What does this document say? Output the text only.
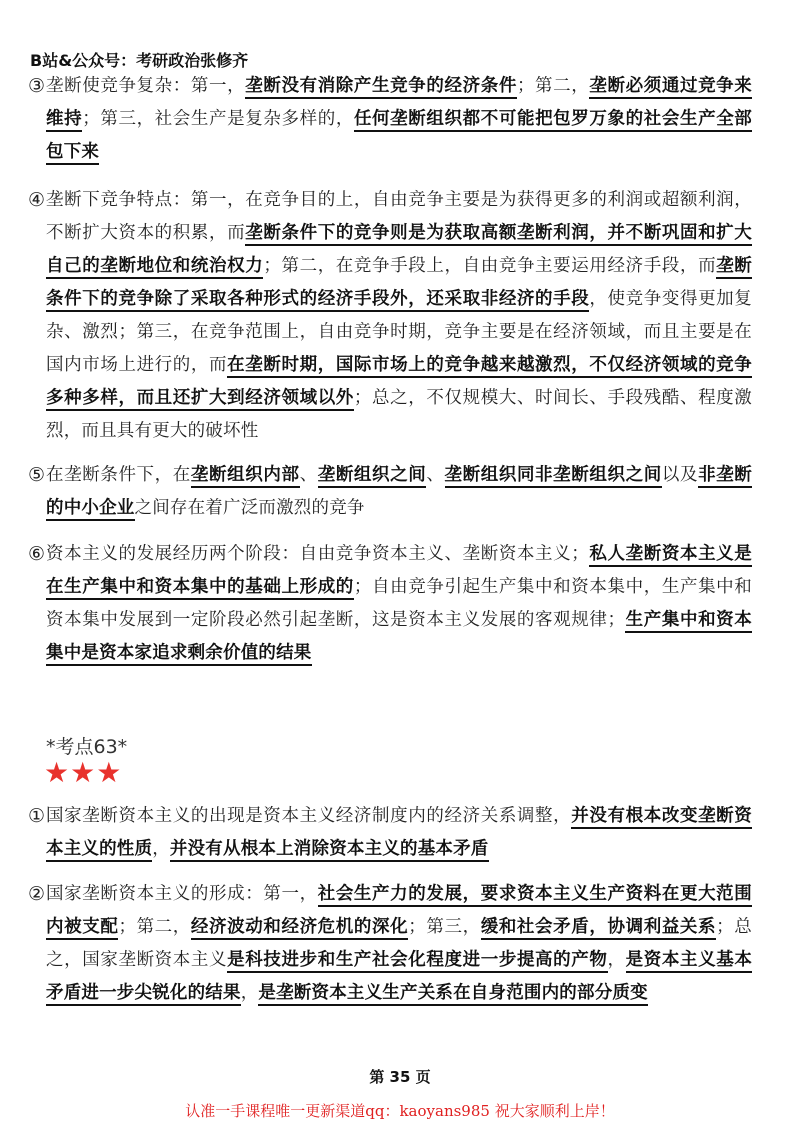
B站&公众号：考研政治张修齐
③ 垄断使竞争复杂：第一，垄断没有消除产生竞争的经济条件；第二，垄断必须通过竞争来维持；第三，社会生产是复杂多样的，任何垄断组织都不可能把包罗万象的社会生产全部包下来
④ 垄断下竞争特点：第一，在竞争目的上，自由竞争主要是为获得更多的利润或超额利润，不断扩大资本的积累，而垄断条件下的竞争则是为获取高额垄断利润，并不断巩固和扩大自己的垄断地位和统治权力；第二，在竞争手段上，自由竞争主要运用经济手段，而垄断条件下的竞争除了采取各种形式的经济手段外，还采取非经济的手段，使竞争变得更加复杂、激烈；第三，在竞争范围上，自由竞争时期，竞争主要是在经济领域，而且主要是在国内市场上进行的，而在垄断时期，国际市场上的竞争越来越激烈，不仅经济领域的竞争多种多样，而且还扩大到经济领域以外；总之，不仅规模大、时间长、手段残酷、程度激烈，而且具有更大的破坏性
⑤ 在垄断条件下，在垄断组织内部、垄断组织之间、垄断组织同非垄断组织之间以及非垄断的中小企业之间存在着广泛而激烈的竞争
⑥ 资本主义的发展经历两个阶段：自由竞争资本主义、垄断资本主义；私人垄断资本主义是在生产集中和资本集中的基础上形成的；自由竞争引起生产集中和资本集中，生产集中和资本集中发展到一定阶段必然引起垄断，这是资本主义发展的客观规律；生产集中和资本集中是资本家追求剩余价值的结果
*考点63*
★★★
① 国家垄断资本主义的出现是资本主义经济制度内的经济关系调整，并没有根本改变垄断资本主义的性质，并没有从根本上消除资本主义的基本矛盾
② 国家垄断资本主义的形成：第一，社会生产力的发展，要求资本主义生产资料在更大范围内被支配；第二，经济波动和经济危机的深化；第三，缓和社会矛盾，协调利益关系；总之，国家垄断资本主义是科技进步和生产社会化程度进一步提高的产物，是资本主义基本矛盾进一步尖锐化的结果，是垄断资本主义生产关系在自身范围内的部分质变
第 35 页
认准一手课程唯一更新渠道qq：kaoyans985 祝大家顺利上岸！
